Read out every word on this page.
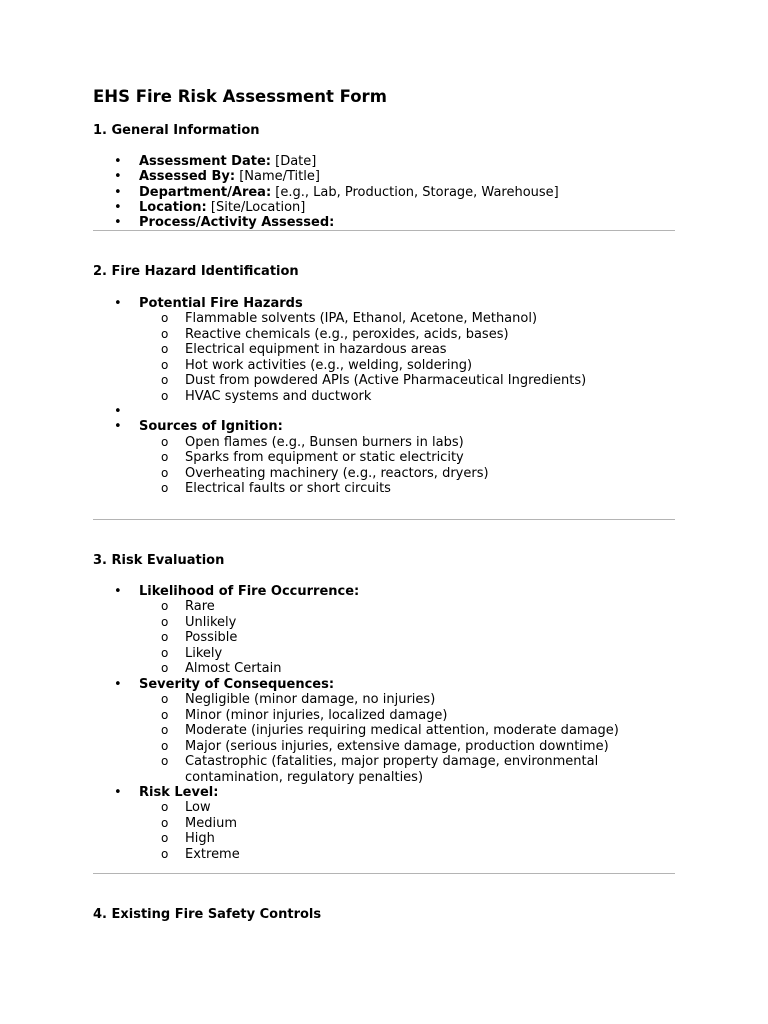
EHS Fire Risk Assessment Form
1. General Information
• Assessment Date: [Date]
• Assessed By: [Name/Title]
• Department/Area: [e.g., Lab, Production, Storage, Warehouse]
• Location: [Site/Location]
• Process/Activity Assessed:
2. Fire Hazard Identification
• Potential Fire Hazards
o Flammable solvents (IPA, Ethanol, Acetone, Methanol)
o Reactive chemicals (e.g., peroxides, acids, bases)
o Electrical equipment in hazardous areas
o Hot work activities (e.g., welding, soldering)
o Dust from powdered APIs (Active Pharmaceutical Ingredients)
o HVAC systems and ductwork
•
• Sources of Ignition:
o Open flames (e.g., Bunsen burners in labs)
o Sparks from equipment or static electricity
o Overheating machinery (e.g., reactors, dryers)
o Electrical faults or short circuits
3. Risk Evaluation
• Likelihood of Fire Occurrence:
o Rare
o Unlikely
o Possible
o Likely
o Almost Certain
• Severity of Consequences:
o Negligible (minor damage, no injuries)
o Minor (minor injuries, localized damage)
o Moderate (injuries requiring medical attention, moderate damage)
o Major (serious injuries, extensive damage, production downtime)
o Catastrophic (fatalities, major property damage, environmental contamination, regulatory penalties)
• Risk Level:
o Low
o Medium
o High
o Extreme
4. Existing Fire Safety Controls
